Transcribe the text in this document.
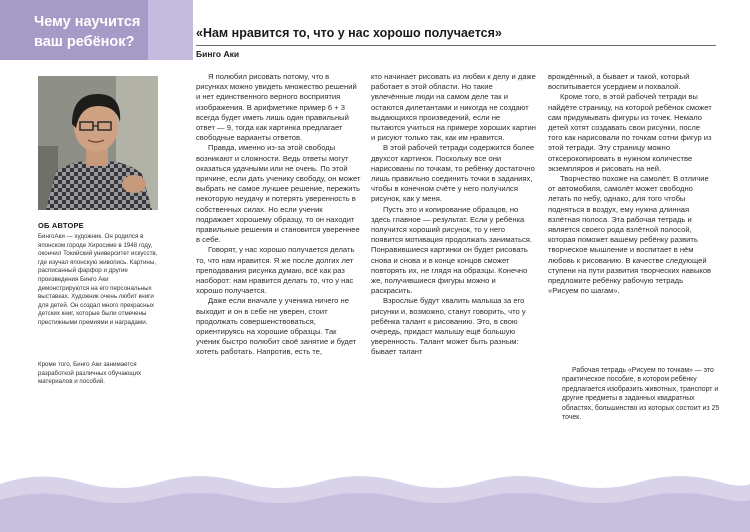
Чему научится
ваш ребёнок?
ОБ АВТОРЕ
БингоАки — художник. Он родился в японском городе Хиросиме в 1948 году, окончил Токийский университет искусств, где изучал японскую живопись. Картины, расписанный фарфор и другие произведения Бинго Аки демонстрируются на его персональных выставках. Художник очень любит книги для детей. Он создал много прекрасных детских книг, которые были отмечены престижными премиями и наградами.
Кроме того, Бинго Аки занимается разработкой различных обучающих материалов и пособий.
«Нам нравится то, что у нас хорошо получается»
Бинго Аки

Я полюбил рисовать потому, что в рисунках можно увидеть множество решений и нет единственного верного восприятия изображения. В арифметике пример 6 + 3 всегда будет иметь лишь один правильный ответ — 9, тогда как картинка предлагает свободные варианты ответов.

Правда, именно из-за этой свободы возникают и сложности. Ведь ответы могут оказаться удачными или не очень. По этой причине, если дать ученику свободу, он может выбрать не самое лучшее решение, пережить некоторую неудачу и потерять уверенность в собственных силах. Но если ученик подражает хорошему образцу, то он находит правильные решения и становится увереннее в себе.

Говорят, у нас хорошо получается делать то, что нам нравится. Я же после долгих лет преподавания рисунка думаю, всё как раз наоборот: нам нравится делать то, что у нас хорошо получается.

Даже если вначале у ученика ничего не выходит и он в себе не уверен, стоит продолжать совершенствоваться, ориентируясь на хорошие образцы. Так ученик быстро полюбит своё занятие и будет хотеть работать. Напротив, есть те,

кто начинает рисовать из любви к делу и даже работает в этой области. Но такие увлечённые люди на самом деле так и остаются дилетантами и никогда не создают выдающихся произведений, если не пытаются учиться на примере хороших картин и рисуют только так, как им нравится.

В этой рабочей тетради содержится более двухсот картинок. Поскольку все они нарисованы по точкам, то ребёнку достаточно лишь правильно соединить точки в заданиях, чтобы в конечном счёте у него получился рисунок, как у меня.

Пусть это и копирование образцов, но здесь главное — результат. Если у ребёнка получится хороший рисунок, то у него появится мотивация продолжать заниматься. Понравившиеся картинки он будет рисовать снова и снова и в конце концов сможет повторять их, не глядя на образцы. Конечно же, получившиеся фигуры можно и раскрасить.

Взрослые будут хвалить малыша за его рисунки и, возможно, станут говорить, что у ребёнка талант к рисованию. Это, в свою очередь, придаст малышу ещё большую уверенность. Талант может быть разным: бывает талант

врождённый, а бывает и такой, который воспитывается усердием и похвалой.

Кроме того, в этой рабочей тетради вы найдёте страницу, на которой ребёнок сможет сам придумывать фигуры из точек. Немало детей хотят создавать свои рисунки, после того как нарисовали по точкам сотни фигур из этой тетради. Эту страницу можно отксерокопировать в нужном количестве экземпляров и рисовать на ней.

Творчество похоже на самолёт. В отличие от автомобиля, самолёт может свободно летать по небу, однако, для того чтобы подняться в воздух, ему нужна длинная взлётная полоса. Эта рабочая тетрадь и является своего рода взлётной полосой, которая поможет вашему ребёнку развить творческое мышление и воспитает в нём любовь к рисованию. В качестве следующей ступени на пути развития творческих навыков предложите ребёнку рабочую тетрадь «Рисуем по шагам».

Рабочая тетрадь «Рисуем по точкам» — это практическое пособие, в котором ребёнку предлагается изобразить животных, транспорт и другие предметы в заданных квадратных областях, большинство из которых состоит из 25 точек.
